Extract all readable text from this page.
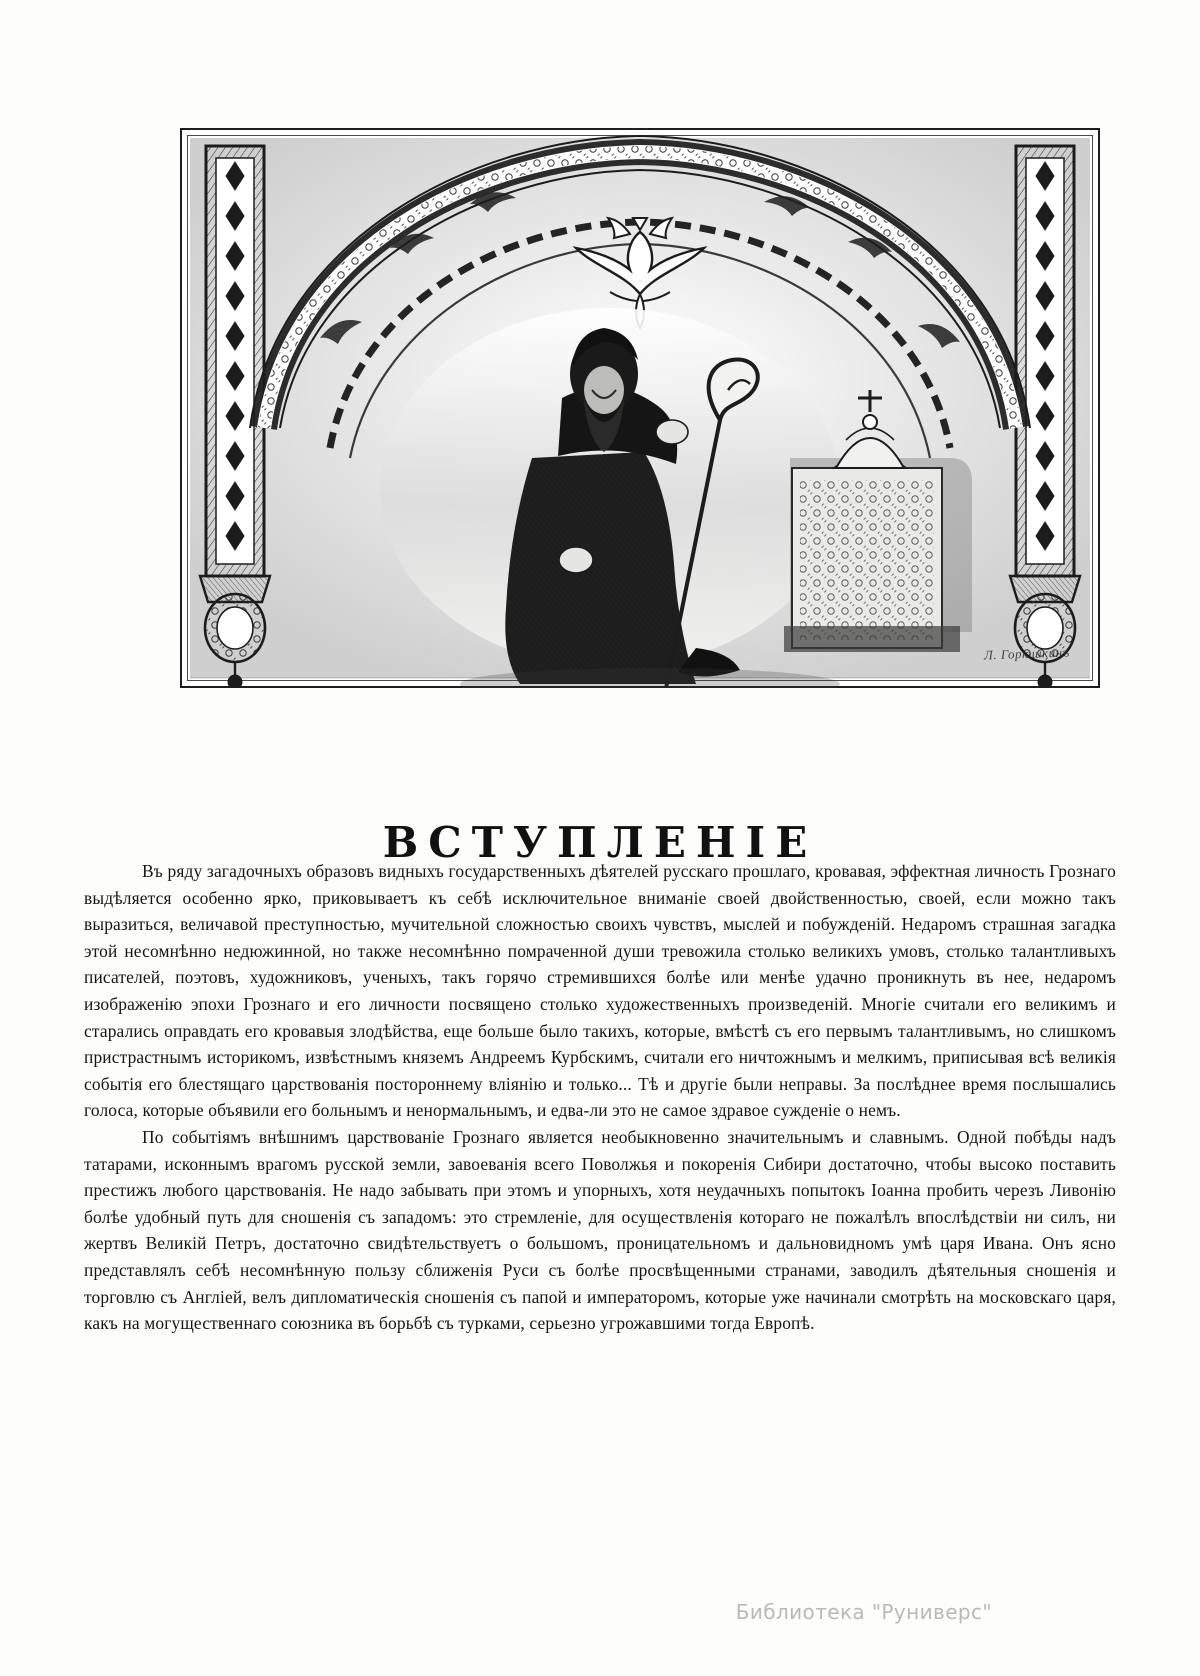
Л. Горюшкинъ
ВСТУПЛЕНІЕ

Въ ряду загадочныхъ образовъ видныхъ государственныхъ дѣятелей русскаго прошлаго, кровавая, эффектная личность Грознаго выдѣляется особенно ярко, приковываетъ къ себѣ исключительное вниманіе своей двойственностью, своей, если можно такъ выразиться, величавой преступностью, мучительной сложностью своихъ чувствъ, мыслей и побужденій. Недаромъ страшная загадка этой несомнѣнно недюжинной, но также несомнѣнно помраченной души тревожила столько великихъ умовъ, столько талантливыхъ писателей, поэтовъ, художниковъ, ученыхъ, такъ горячо стремившихся болѣе или менѣе удачно проникнуть въ нее, недаромъ изображенію эпохи Грознаго и его личности посвящено столько художественныхъ произведеній. Многіе считали его великимъ и старались оправдать его кровавыя злодѣйства, еще больше было такихъ, которые, вмѣстѣ съ его первымъ талантливымъ, но слишкомъ пристрастнымъ историкомъ, извѣстнымъ княземъ Андреемъ Курбскимъ, считали его ничтожнымъ и мелкимъ, приписывая всѣ великія событія его блестящаго царствованія постороннему вліянію и только... Тѣ и другіе были неправы. За послѣднее время послышались голоса, которые объявили его больнымъ и ненормальнымъ, и едва-ли это не самое здравое сужденіе о немъ.

По событіямъ внѣшнимъ царствованіе Грознаго является необыкновенно значительнымъ и славнымъ. Одной побѣды надъ татарами, исконнымъ врагомъ русской земли, завоеванія всего Поволжья и покоренія Сибири достаточно, чтобы высоко поставить престижъ любого царствованія. Не надо забывать при этомъ и упорныхъ, хотя неудачныхъ попытокъ Іоанна пробить черезъ Ливонію болѣе удобный путь для сношенія съ западомъ: это стремленіе, для осуществленія котораго не пожалѣлъ впослѣдствіи ни силъ, ни жертвъ Великій Петръ, достаточно свидѣтельствуетъ о большомъ, проницательномъ и дальновидномъ умѣ царя Ивана. Онъ ясно представлялъ себѣ несомнѣнную пользу сближенія Руси съ болѣе просвѣщенными странами, заводилъ дѣятельныя сношенія и торговлю съ Англіей, велъ дипломатическія сношенія съ папой и императоромъ, которые уже начинали смотрѣть на московскаго царя, какъ на могущественнаго союзника въ борьбѣ съ турками, серьезно угрожавшими тогда Европѣ.

Библиотека "Руниверс"
